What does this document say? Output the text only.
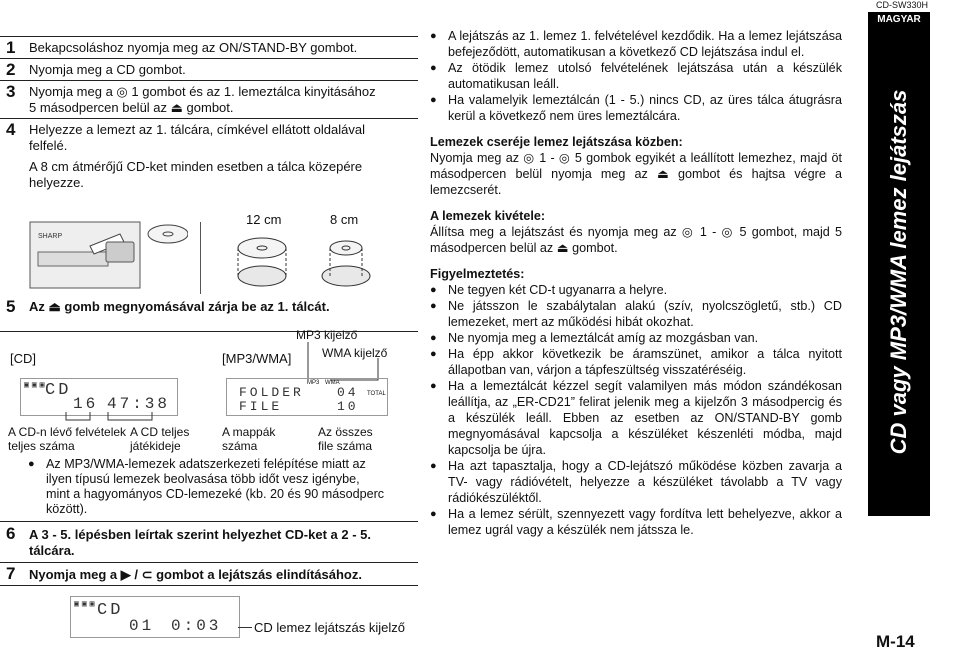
CD-SW330H
MAGYAR
CD vagy MP3/WMA lemez lejátszás
M-14
1 Bekapcsoláshoz nyomja meg az ON/STAND-BY gombot.
2 Nyomja meg a CD gombot.
3 Nyomja meg a ◎ 1 gombot és az 1. lemeztálca kinyitásához
5 másodpercen belül az ⏏ gombot.
4 Helyezze a lemezt az 1. tálcára, címkével ellátott oldalával
felfelé.
A 8 cm átmérőjű CD-ket minden esetben a tálca közepére
helyezze.
SHARP
12 cm	8 cm
5 Az ⏏ gomb megnyomásával zárja be az 1. tálcát.
MP3 kijelző
WMA kijelző
[CD]	[MP3/WMA]
▣▣▣
CD
16 47:38
MP3 WMA
FOLDER	04 TOTAL
FILE	10
A CD-n lévő felvételek
teljes száma
A CD teljes
játékideje
A mappák
száma
Az összes
file száma
● Az MP3/WMA-lemezek adatszerkezeti felépítése miatt az
ilyen típusú lemezek beolvasása több időt vesz igénybe,
mint a hagyományos CD-lemezeké (kb. 20 és 90 másodperc
között).
6 A 3 - 5. lépésben leírtak szerint helyezhet CD-ket a 2 - 5.
tálcára.
7 Nyomja meg a ▶ / ⊂ gombot a lejátszás elindításához.
▣▣▣ CD
01 0:03	CD lemez lejátszás kijelző

● A lejátszás az 1. lemez 1. felvételével kezdődik. Ha a lemez lejátszása befejeződött, automatikusan a következő CD lejátszása indul el.

● Az ötödik lemez utolsó felvételének lejátszása után a készülék automatikusan leáll.

● Ha valamelyik lemeztálcán (1 - 5.) nincs CD, az üres tálca átugrásra kerül a következő nem üres lemeztálcára.

Lemezek cseréje lemez lejátszása közben:

Nyomja meg az ◎ 1 - ◎ 5 gombok egyikét a leállított lemezhez, majd öt másodpercen belül nyomja meg az ⏏ gombot és hajtsa végre a lemezcserét.

A lemezek kivétele:

Állítsa meg a lejátszást és nyomja meg az ◎ 1 - ◎ 5 gombot, majd 5 másodpercen belül az ⏏ gombot.

Figyelmeztetés:

● Ne tegyen két CD-t ugyanarra a helyre.

● Ne játsszon le szabálytalan alakú (szív, nyolcszögletű, stb.) CD lemezeket, mert az működési hibát okozhat.

● Ne nyomja meg a lemeztálcát amíg az mozgásban van.

● Ha épp akkor következik be áramszünet, amikor a tálca nyitott állapotban van, várjon a tápfeszültség visszatéréséig.

● Ha a lemeztálcát kézzel segít valamilyen más módon szándékosan leállítja, az „ER-CD21” felirat jelenik meg a kijelzőn 3 másodpercig és a készülék leáll. Ebben az esetben az ON/STAND-BY gomb megnyomásával kapcsolja a készüléket készenléti módba, majd kapcsolja be újra.

● Ha azt tapasztalja, hogy a CD-lejátszó működése közben zavarja a TV- vagy rádióvételt, helyezze a készüléket távolabb a TV vagy rádiókészüléktől.

● Ha a lemez sérült, szennyezett vagy fordítva lett behelyezve, akkor a lemez ugrál vagy a készülék nem játssza le.
